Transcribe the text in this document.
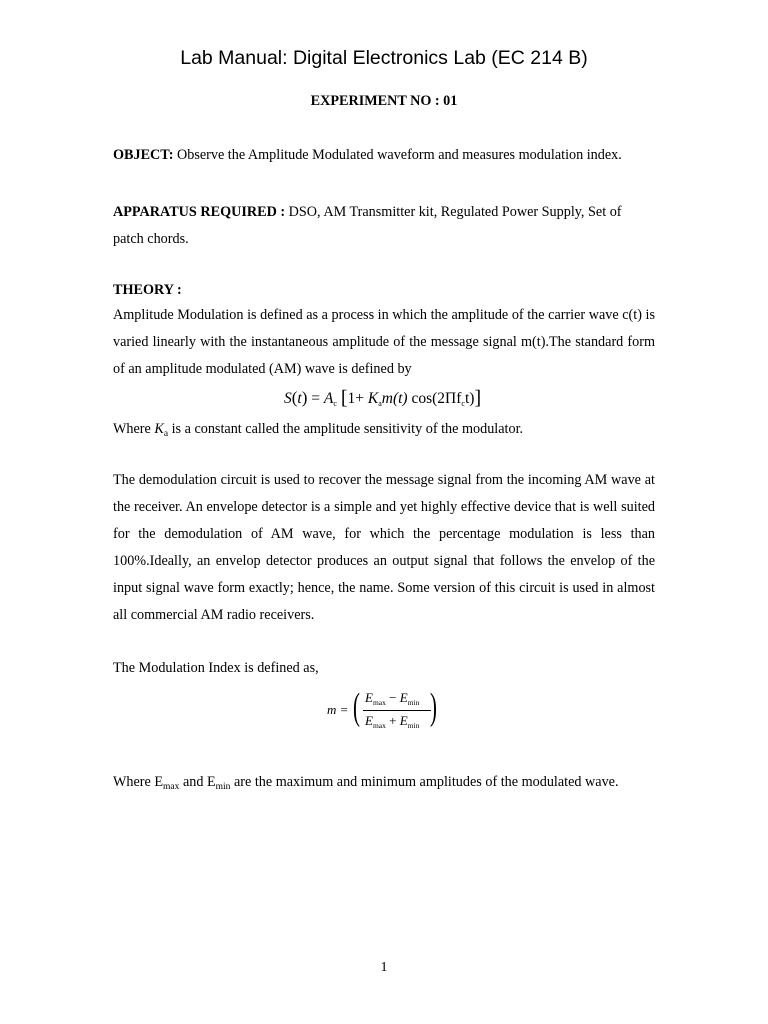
Lab Manual: Digital Electronics Lab (EC 214 B)
EXPERIMENT NO : 01
OBJECT: Observe the Amplitude Modulated waveform and measures modulation index.
APPARATUS REQUIRED : DSO, AM Transmitter kit, Regulated Power Supply, Set of patch chords.
THEORY :
Amplitude Modulation is defined as a process in which the amplitude of the carrier wave c(t) is varied linearly with the instantaneous amplitude of the message signal m(t).The standard form of an amplitude modulated (AM) wave is defined by
$S(t) = A_c$ [$1+ K_am(t)$ $\cos(2\Pi f_ct)$]
Where $K_a$ is a constant called the amplitude sensitivity of the modulator.
The demodulation circuit is used to recover the message signal from the incoming AM wave at the receiver. An envelope detector is a simple and yet highly effective device that is well suited for the demodulation of AM wave, for which the percentage modulation is less than 100%.Ideally, an envelop detector produces an output signal that follows the envelop of the input signal wave form exactly; hence, the name. Some version of this circuit is used in almost all commercial AM radio receivers.
The Modulation Index is defined as,
m = ( $E_{max} - E_{min}$
$E_{max} + E_{min}$ )
Where $E_{max}$ and $E_{min}$ are the maximum and minimum amplitudes of the modulated wave.
1
